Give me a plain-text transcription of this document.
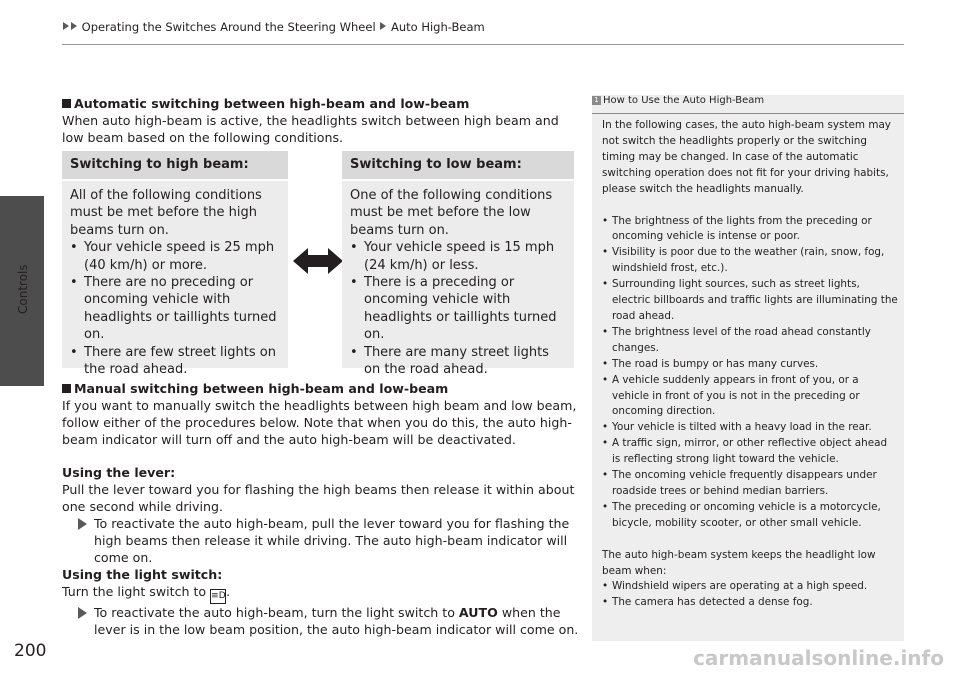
Operating the Switches Around the Steering Wheel Auto High-Beam
Controls
Automatic switching between high-beam and low-beam
When auto high-beam is active, the headlights switch between high beam and low beam based on the following conditions.
Switching to high beam:
All of the following conditions must be met before the high beams turn on.
• Your vehicle speed is 25 mph (40 km/h) or more.
• There are no preceding or oncoming vehicle with headlights or taillights turned on.
• There are few street lights on the road ahead.
Switching to low beam:
One of the following conditions must be met before the low beams turn on.
• Your vehicle speed is 15 mph (24 km/h) or less.
• There is a preceding or oncoming vehicle with headlights or taillights turned on.
• There are many street lights on the road ahead.
Manual switching between high-beam and low-beam
If you want to manually switch the headlights between high beam and low beam, follow either of the procedures below. Note that when you do this, the auto high-beam indicator will turn off and the auto high-beam will be deactivated.
Using the lever:
Pull the lever toward you for flashing the high beams then release it within about one second while driving.
To reactivate the auto high-beam, pull the lever toward you for flashing the high beams then release it while driving. The auto high-beam indicator will come on.
Using the light switch:
Turn the light switch to ≡D.
To reactivate the auto high-beam, turn the light switch to AUTO when the lever is in the low beam position, the auto high-beam indicator will come on.
1 How to Use the Auto High-Beam

In the following cases, the auto high-beam system may not switch the headlights properly or the switching timing may be changed. In case of the automatic switching operation does not fit for your driving habits, please switch the headlights manually.

• The brightness of the lights from the preceding or oncoming vehicle is intense or poor.

• Visibility is poor due to the weather (rain, snow, fog, windshield frost, etc.).

• Surrounding light sources, such as street lights, electric billboards and traffic lights are illuminating the road ahead.

• The brightness level of the road ahead constantly changes.

• The road is bumpy or has many curves.

• A vehicle suddenly appears in front of you, or a vehicle in front of you is not in the preceding or oncoming direction.

• Your vehicle is tilted with a heavy load in the rear.

• A traffic sign, mirror, or other reflective object ahead is reflecting strong light toward the vehicle.

• The oncoming vehicle frequently disappears under roadside trees or behind median barriers.

• The preceding or oncoming vehicle is a motorcycle, bicycle, mobility scooter, or other small vehicle.

The auto high-beam system keeps the headlight low beam when:

• Windshield wipers are operating at a high speed.

• The camera has detected a dense fog.

200	carmanualsonline.info
